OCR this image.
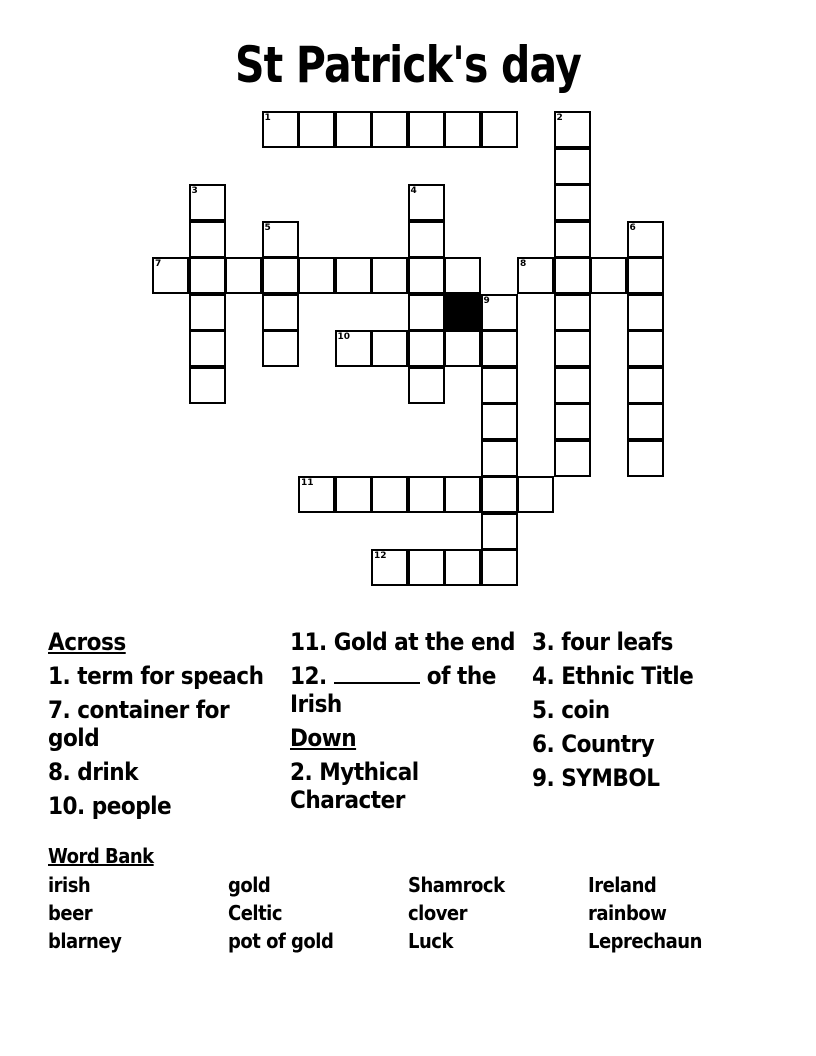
St Patrick's day
1	2
3	4
5	6
7	8
9
10
11
12
Across
1. term for speach
7. container for gold
8. drink
10. people
11. Gold at the end
12.	of the Irish
Down
2. Mythical Character
3. four leafs
4. Ethnic Title
5. coin
6. Country
9. SYMBOL
Word Bank
irish
beer
blarney
gold
Celtic
pot of gold
Shamrock
clover
Luck
Ireland
rainbow
Leprechaun
